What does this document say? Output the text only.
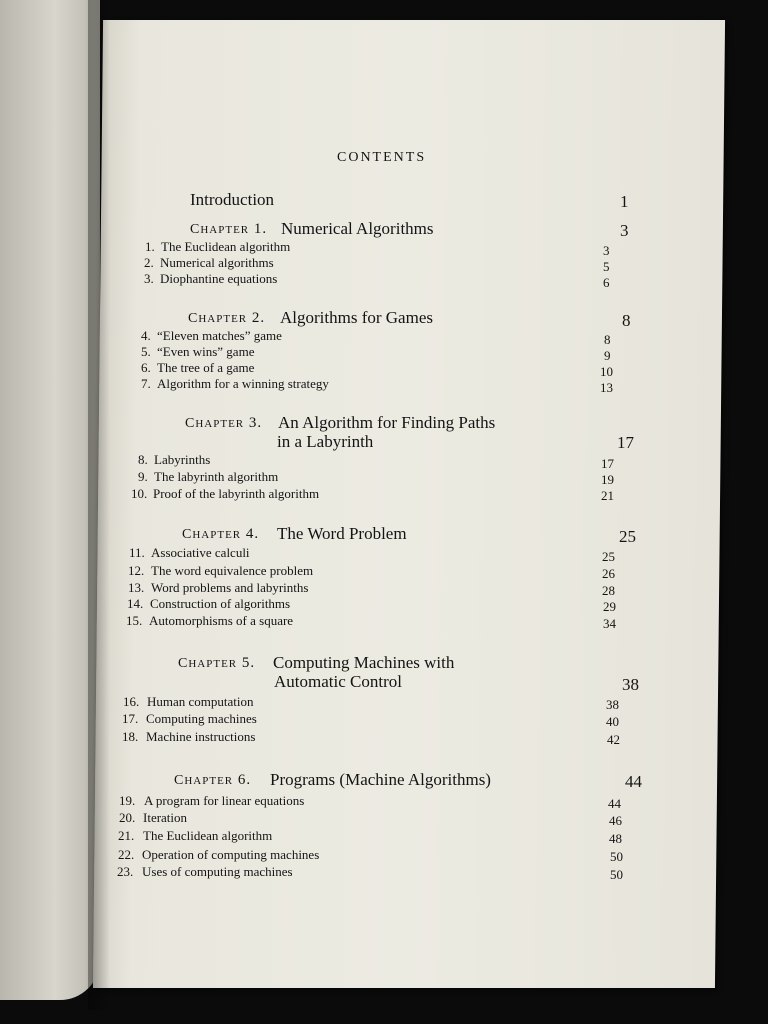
CONTENTS
Introduction	1
CHAPTER 1. Numerical Algorithms	3
1. The Euclidean algorithm	3
2. Numerical algorithms	5
3. Diophantine equations	6
CHAPTER 2. Algorithms for Games	8
4. “Eleven matches” game	8
5. “Even wins” game	9
6. The tree of a game	10
7. Algorithm for a winning strategy	13
CHAPTER 3. An Algorithm for Finding Paths
in a Labyrinth	17
8. Labyrinths	17
9. The labyrinth algorithm	19
10. Proof of the labyrinth algorithm	21
CHAPTER 4. The Word Problem	25
11. Associative calculi	25
12. The word equivalence problem	26
13. Word problems and labyrinths	28
14. Construction of algorithms	29
15. Automorphisms of a square	34
CHAPTER 5. Computing Machines with
Automatic Control	38
16. Human computation	38
17. Computing machines	40
18. Machine instructions	42
CHAPTER 6. Programs (Machine Algorithms)	44
19. A program for linear equations	44
20. Iteration	46
21. The Euclidean algorithm	48
22. Operation of computing machines	50
23. Uses of computing machines	50
